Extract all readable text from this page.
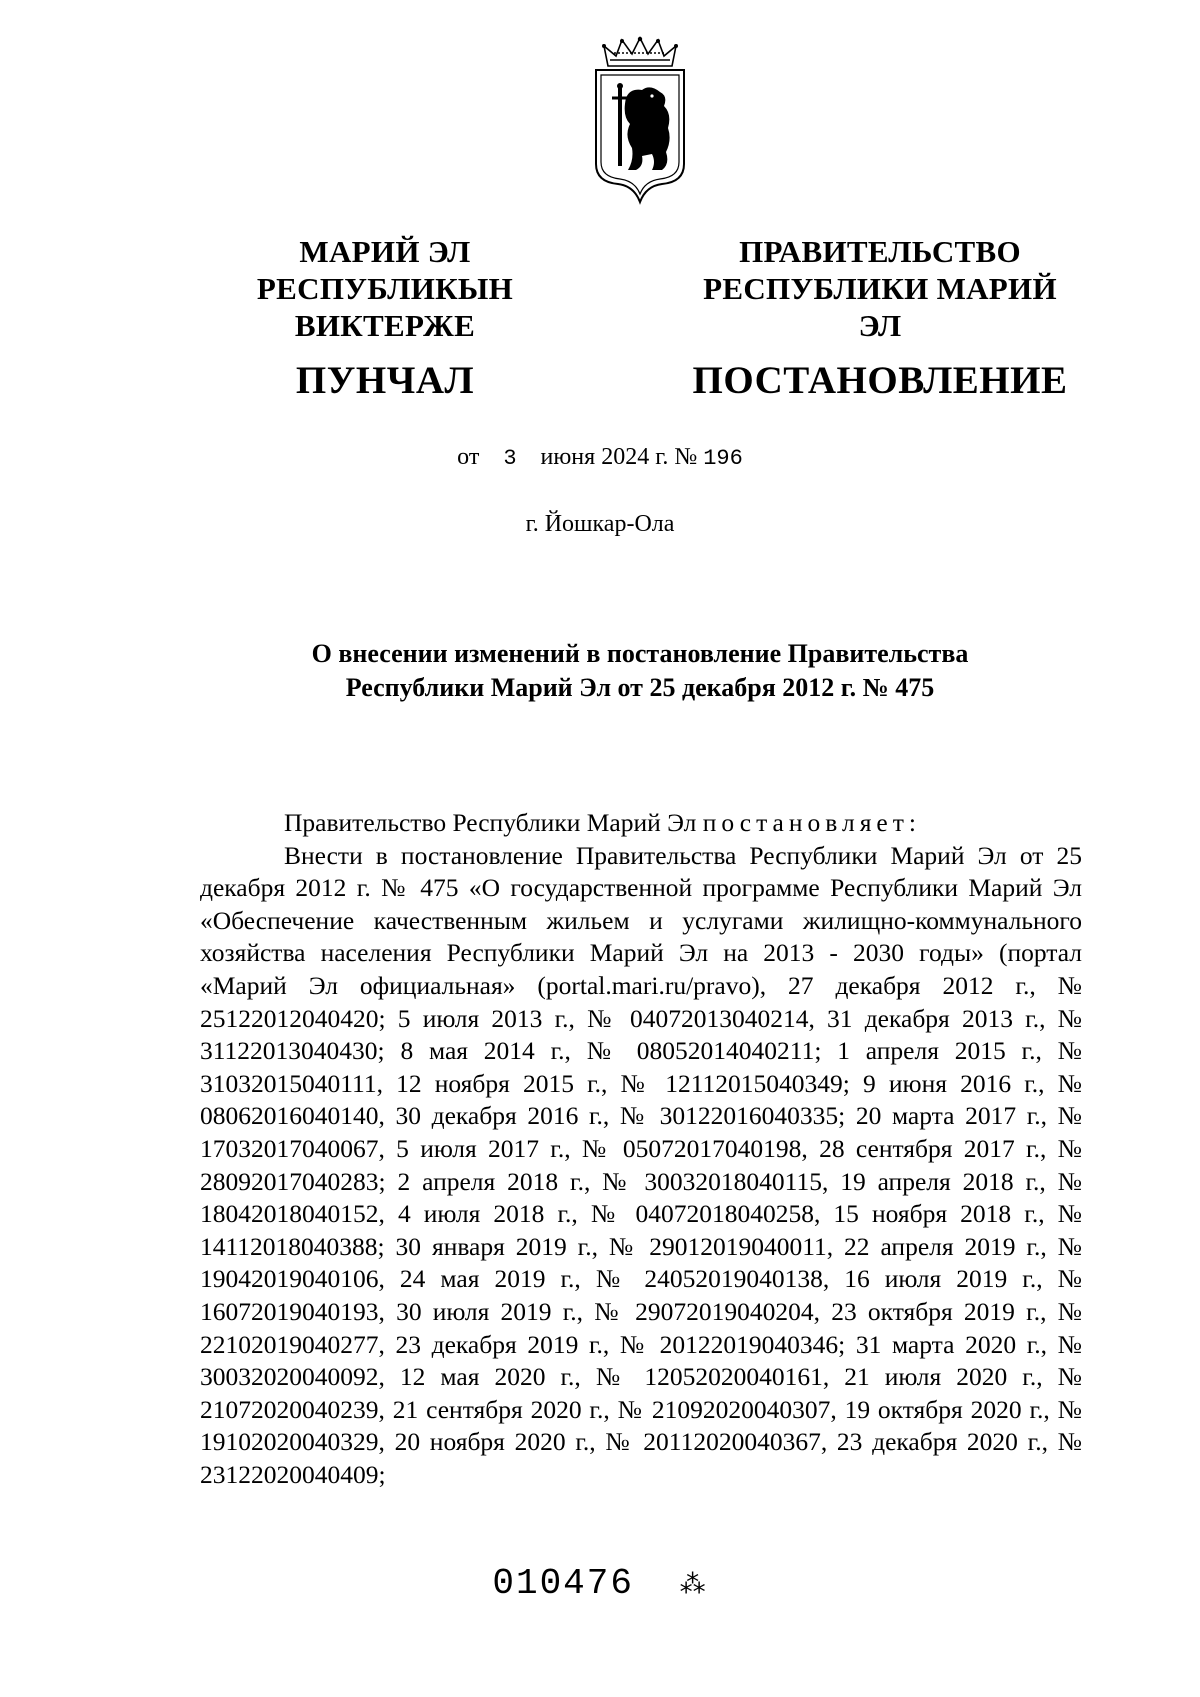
МАРИЙ ЭЛ РЕСПУБЛИКЫН
ВИКТЕРЖЕ
ПУНЧАЛ
ПРАВИТЕЛЬСТВО
РЕСПУБЛИКИ МАРИЙ ЭЛ
ПОСТАНОВЛЕНИЕ
от 3 июня 2024 г. № 196
г. Йошкар-Ола
О внесении изменений в постановление Правительства
Республики Марий Эл от 25 декабря 2012 г. № 475

Правительство Республики Марий Эл постановляет:

Внести в постановление Правительства Республики Марий Эл от 25 декабря 2012 г. № 475 «О государственной программе Республики Марий Эл «Обеспечение качественным жильем и услугами жилищно-коммунального хозяйства населения Республики Марий Эл на 2013 - 2030 годы» (портал «Марий Эл официальная» (portal.mari.ru/pravo), 27 декабря 2012 г., № 25122012040420; 5 июля 2013 г., № 04072013040214, 31 декабря 2013 г., № 31122013040430; 8 мая 2014 г., № 08052014040211; 1 апреля 2015 г., № 31032015040111, 12 ноября 2015 г., № 12112015040349; 9 июня 2016 г., № 08062016040140, 30 декабря 2016 г., № 30122016040335; 20 марта 2017 г., № 17032017040067, 5 июля 2017 г., № 05072017040198, 28 сентября 2017 г., № 28092017040283; 2 апреля 2018 г., № 30032018040115, 19 апреля 2018 г., № 18042018040152, 4 июля 2018 г., № 04072018040258, 15 ноября 2018 г., № 14112018040388; 30 января 2019 г., № 29012019040011, 22 апреля 2019 г., № 19042019040106, 24 мая 2019 г., № 24052019040138, 16 июля 2019 г., № 16072019040193, 30 июля 2019 г., № 29072019040204, 23 октября 2019 г., № 22102019040277, 23 декабря 2019 г., № 20122019040346; 31 марта 2020 г., № 30032020040092, 12 мая 2020 г., № 12052020040161, 21 июля 2020 г., № 21072020040239, 21 сентября 2020 г., № 21092020040307, 19 октября 2020 г., № 19102020040329, 20 ноября 2020 г., № 20112020040367, 23 декабря 2020 г., № 23122020040409;

010476 ⁂
